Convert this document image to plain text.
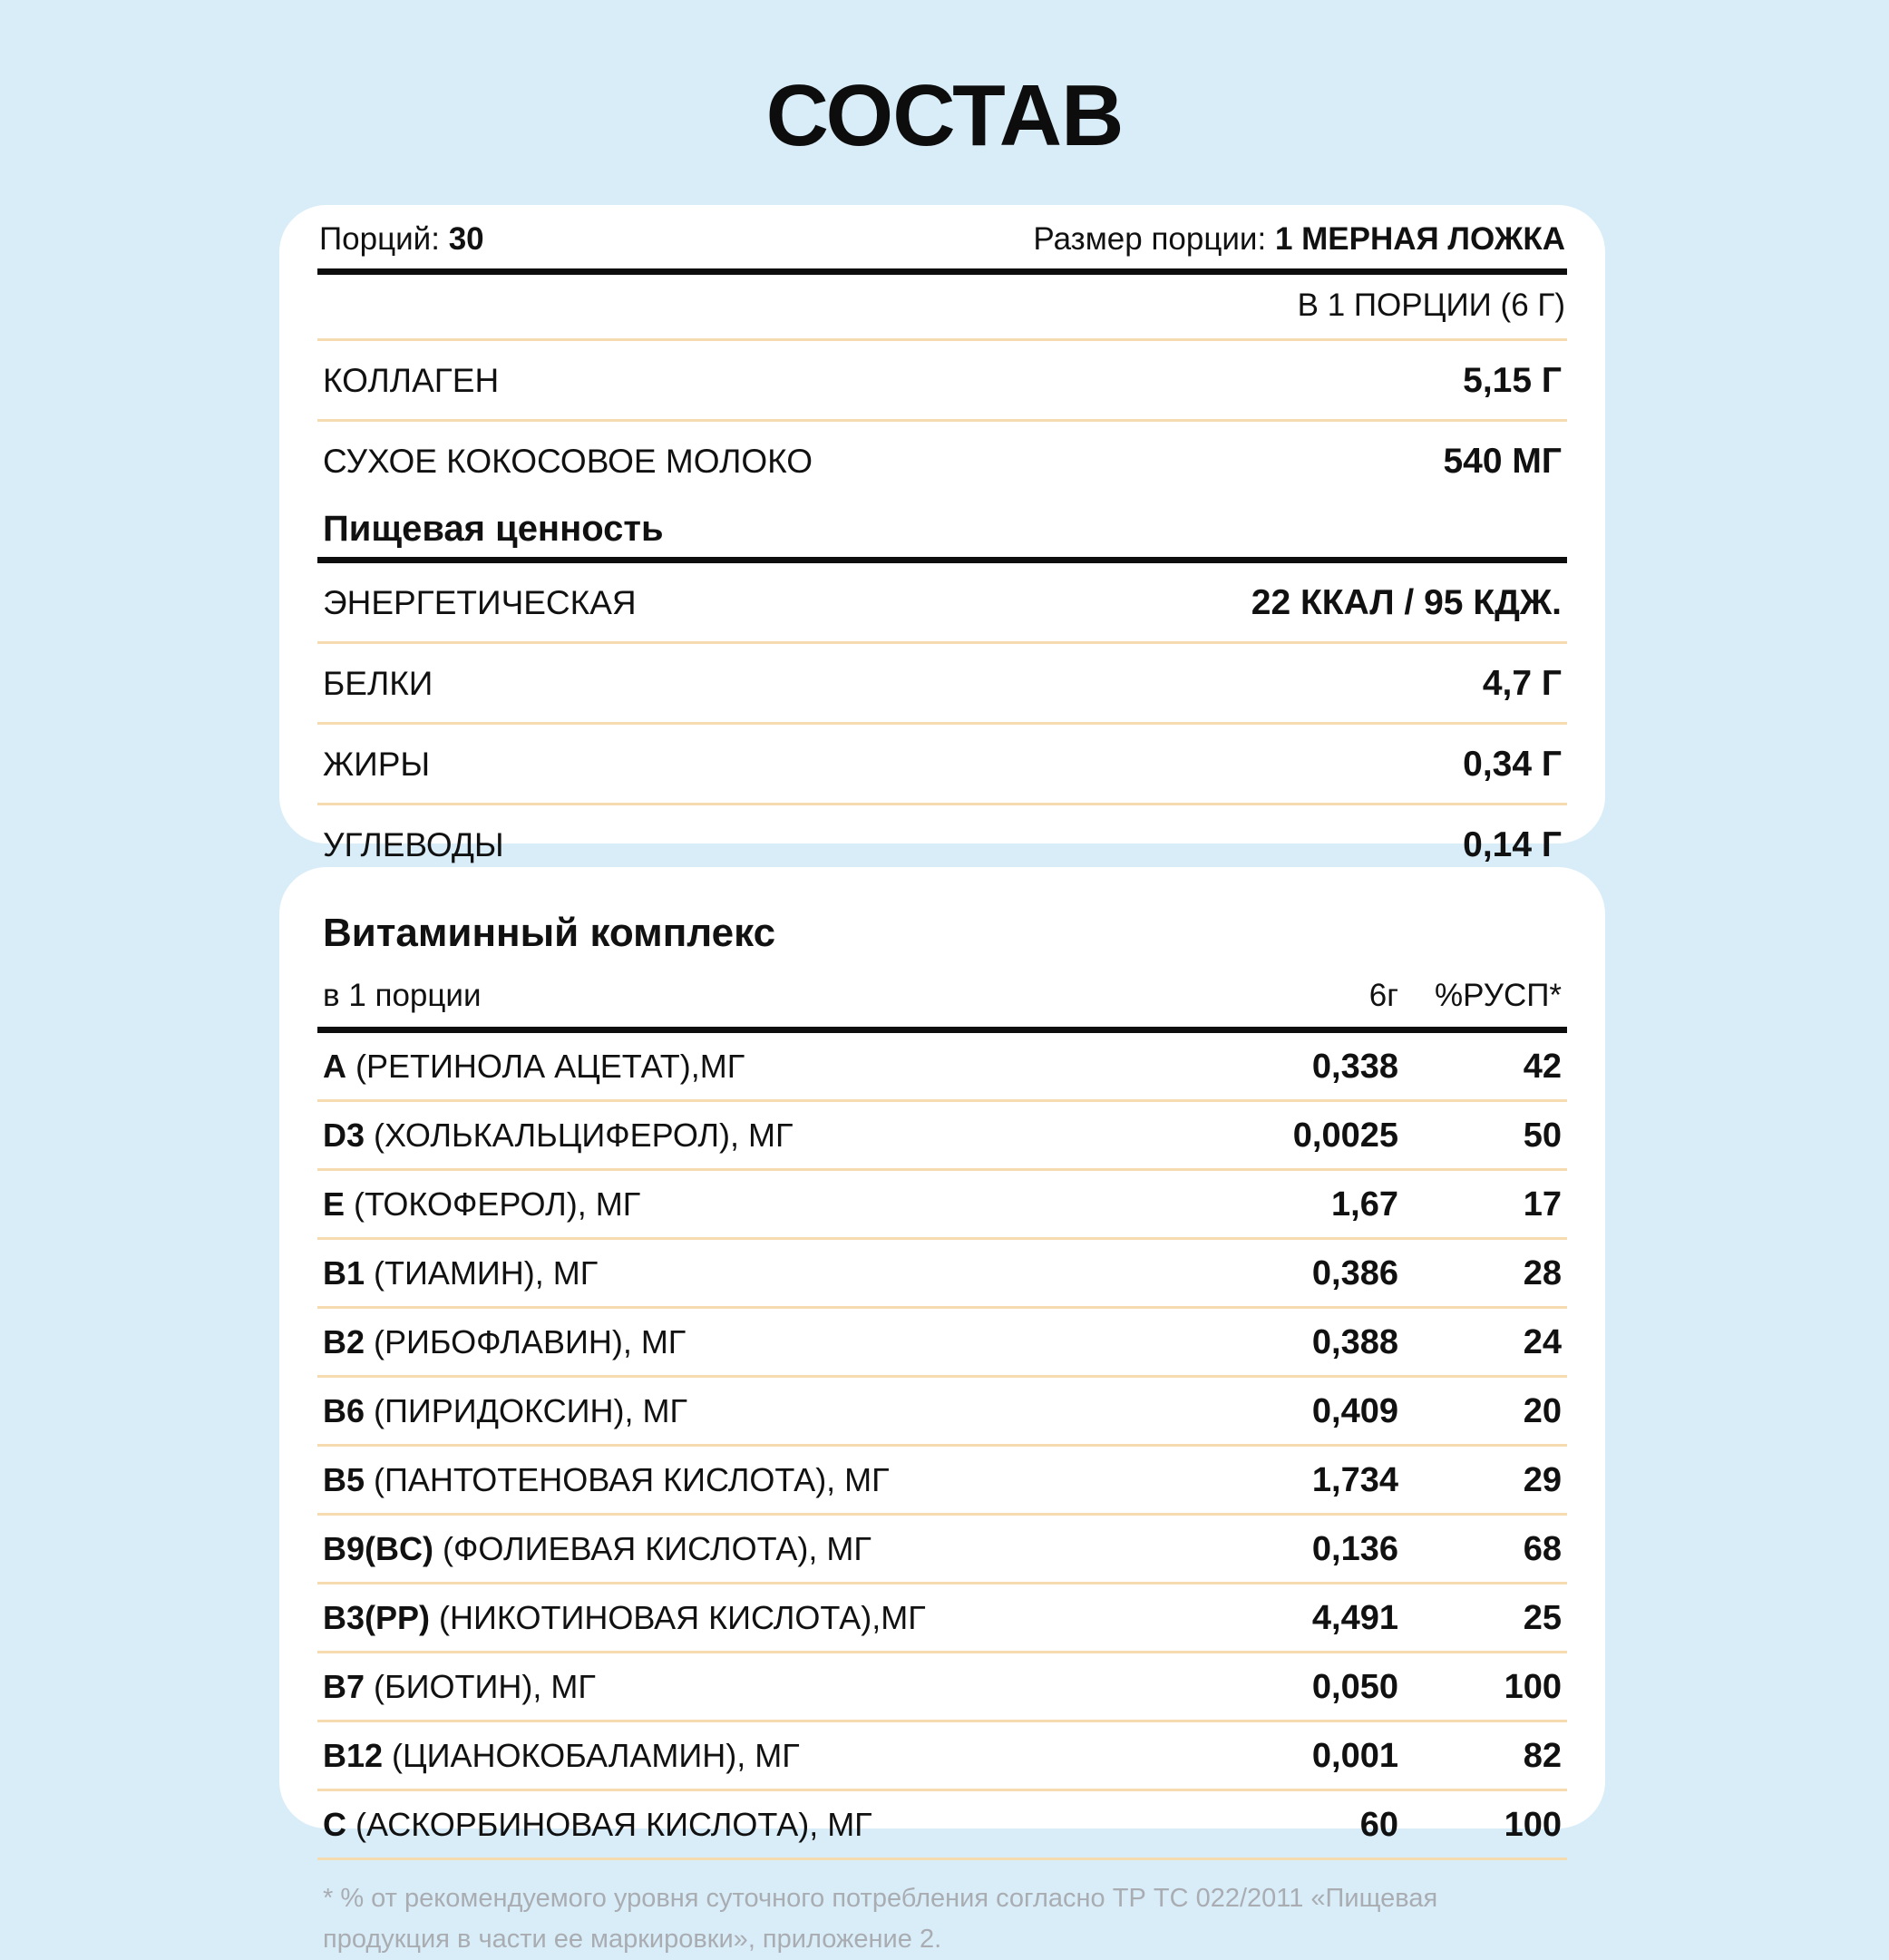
СОСТАВ
Порций: 30	Размер порции: 1 МЕРНАЯ ЛОЖКА
В 1 ПОРЦИИ (6 Г)
КОЛЛАГЕН	5,15 Г
СУХОЕ КОКОСОВОЕ МОЛОКО	540 МГ
Пищевая ценность
ЭНЕРГЕТИЧЕСКАЯ	22 ККАЛ / 95 КДЖ.
БЕЛКИ	4,7 Г
ЖИРЫ	0,34 Г
УГЛЕВОДЫ	0,14 Г
Витаминный комплекс
в 1 порции	6г	%РУСП*
A (РЕТИНОЛА АЦЕТАТ),МГ	0,338	42
D3 (ХОЛЬКАЛЬЦИФЕРОЛ), МГ	0,0025	50
E (ТОКОФЕРОЛ), МГ	1,67	17
B1 (ТИАМИН), МГ	0,386	28
B2 (РИБОФЛАВИН), МГ	0,388	24
B6 (ПИРИДОКСИН), МГ	0,409	20
B5 (ПАНТОТЕНОВАЯ КИСЛОТА), МГ	1,734	29
B9(BC) (ФОЛИЕВАЯ КИСЛОТА), МГ	0,136	68
B3(PP) (НИКОТИНОВАЯ КИСЛОТА),МГ	4,491	25
B7 (БИОТИН), МГ	0,050	100
B12 (ЦИАНОКОБАЛАМИН), МГ	0,001	82
C (АСКОРБИНОВАЯ КИСЛОТА), МГ	60	100
* % от рекомендуемого уровня суточного потребления согласно ТР ТС 022/2011 «Пищевая продукция в части ее маркировки», приложение 2.
